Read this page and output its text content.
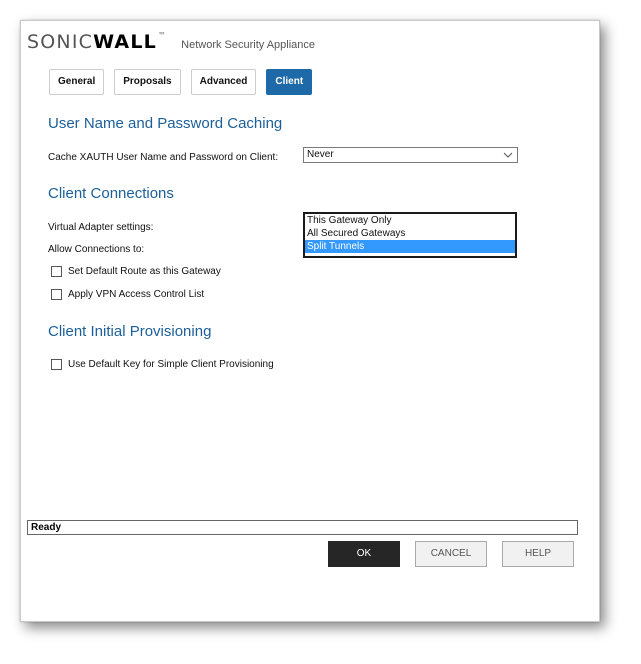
SONICWALL™
Network Security Appliance
General	Proposals	Advanced	Client
User Name and Password Caching
Cache XAUTH User Name and Password on Client:	Never
Client Connections
Virtual Adapter settings:
Allow Connections to:
This Gateway Only
All Secured Gateways
Split Tunnels
Set Default Route as this Gateway
Apply VPN Access Control List
Client Initial Provisioning
Use Default Key for Simple Client Provisioning
Ready
OK	CANCEL	HELP
